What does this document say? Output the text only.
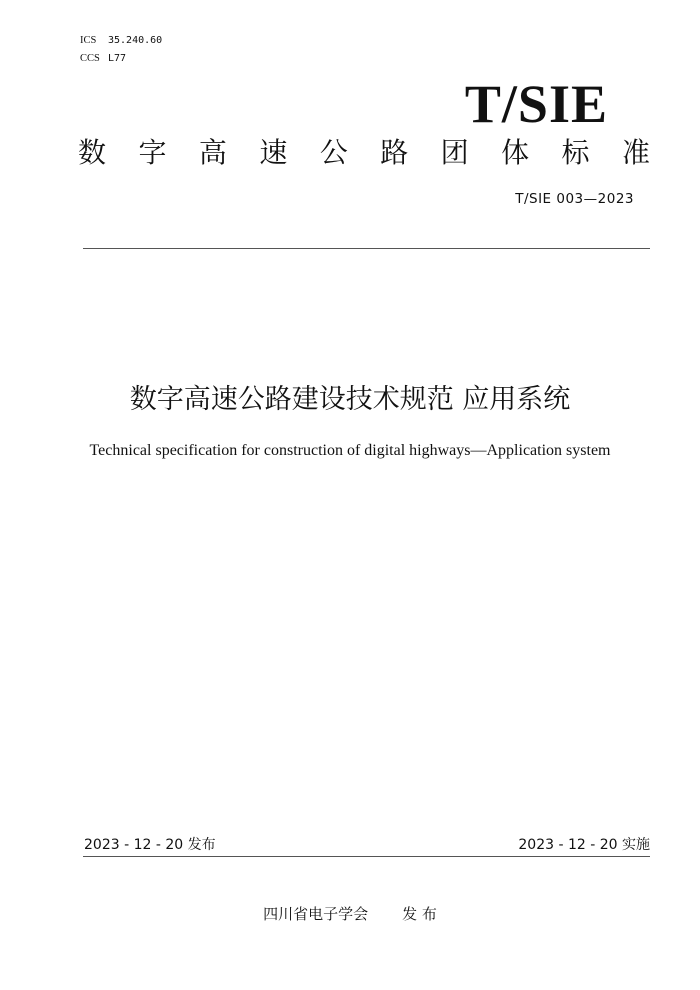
ICS 35.240.60
CCS L77
T/SIE
数 字 高 速 公 路 团 体 标 准
T/SIE 003—2023
数字高速公路建设技术规范 应用系统
Technical specification for construction of digital highways—Application system
2023 - 12 - 20 发布	2023 - 12 - 20 实施
四川省电子学会 发 布
